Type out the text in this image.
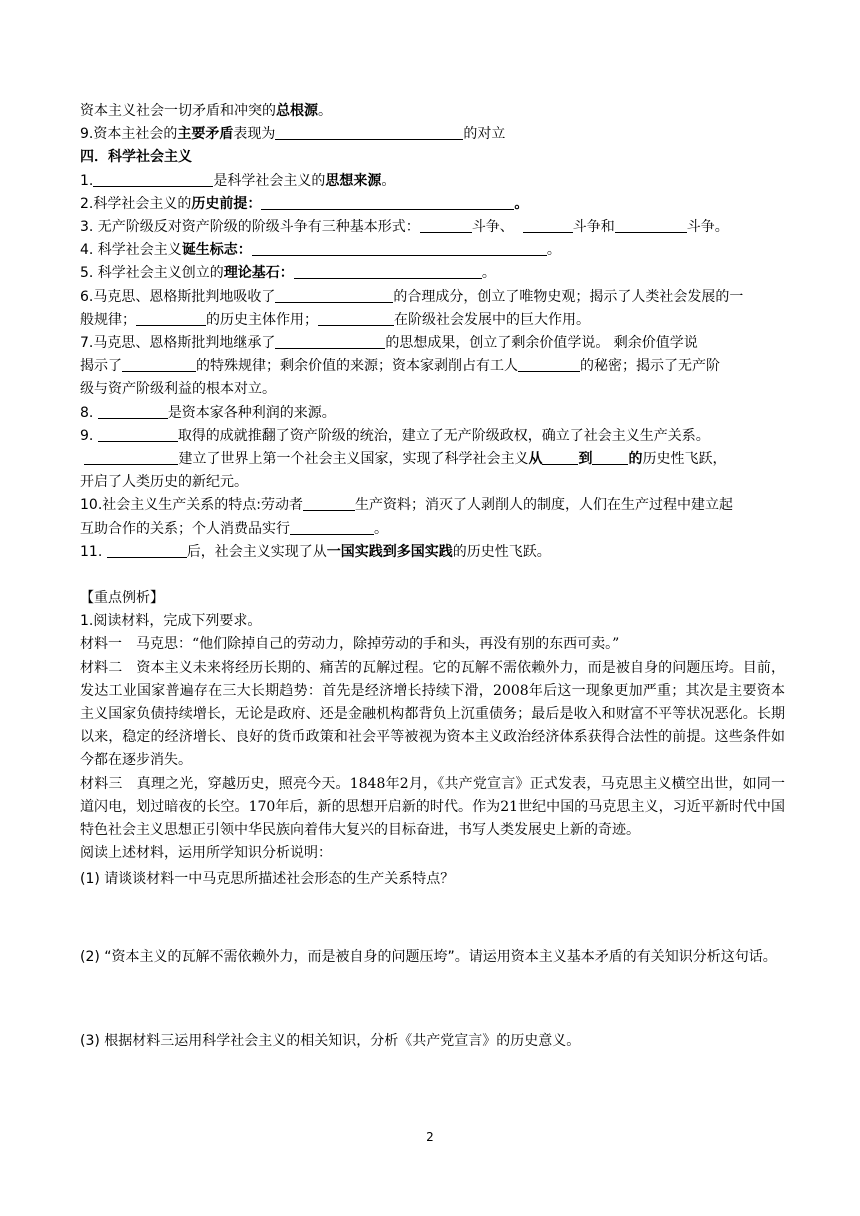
资本主义社会一切矛盾和冲突的总根源。
9.资本主社会的主要矛盾表现为	的对立
四．科学社会主义
1.	是科学社会主义的思想来源。
2.科学社会主义的历史前提：	。
3. 无产阶级反对资产阶级的阶级斗争有三种基本形式：	斗争、	斗争和	斗争。
4. 科学社会主义诞生标志：	。
5. 科学社会主义创立的理论基石：	。
6.马克思、恩格斯批判地吸收了	的合理成分，创立了唯物史观；揭示了人类社会发展的一
般规律；	的历史主体作用；	在阶级社会发展中的巨大作用。
7.马克思、恩格斯批判地继承了	的思想成果，创立了剩余价值学说。 剩余价值学说
揭示了	的特殊规律；剩余价值的来源；资本家剥削占有工人	的秘密；揭示了无产阶
级与资产阶级利益的根本对立。
8.	是资本家各种利润的来源。
9.	取得的成就推翻了资产阶级的统治，建立了无产阶级政权，确立了社会主义生产关系。
建立了世界上第一个社会主义国家，实现了科学社会主义从	到	的历史性飞跃，
开启了人类历史的新纪元。
10.社会主义生产关系的特点:劳动者	生产资料；消灭了人剥削人的制度，人们在生产过程中建立起
互助合作的关系；个人消费品实行	。
11.	后，社会主义实现了从一国实践到多国实践的历史性飞跃。
【重点例析】
1.阅读材料，完成下列要求。
材料一　马克思：“他们除掉自己的劳动力，除掉劳动的手和头，再没有别的东西可卖。”
材料二　资本主义未来将经历长期的、痛苦的瓦解过程。它的瓦解不需依赖外力，而是被自身的问题压垮。目前，发达工业国家普遍存在三大长期趋势：首先是经济增长持续下滑，2008年后这一现象更加严重；其次是主要资本主义国家负债持续增长，无论是政府、还是金融机构都背负上沉重债务；最后是收入和财富不平等状况恶化。长期以来，稳定的经济增长、良好的货币政策和社会平等被视为资本主义政治经济体系获得合法性的前提。这些条件如今都在逐步消失。
材料三　真理之光，穿越历史，照亮今天。1848年2月，《共产党宣言》正式发表，马克思主义横空出世，如同一道闪电，划过暗夜的长空。170年后，新的思想开启新的时代。作为21世纪中国的马克思主义，习近平新时代中国特色社会主义思想正引领中华民族向着伟大复兴的目标奋进，书写人类发展史上新的奇迹。
阅读上述材料，运用所学知识分析说明：
(1) 请谈谈材料一中马克思所描述社会形态的生产关系特点？
(2) “资本主义的瓦解不需依赖外力，而是被自身的问题压垮”。请运用资本主义基本矛盾的有关知识分析这句话。
(3) 根据材料三运用科学社会主义的相关知识，分析《共产党宣言》的历史意义。
2
